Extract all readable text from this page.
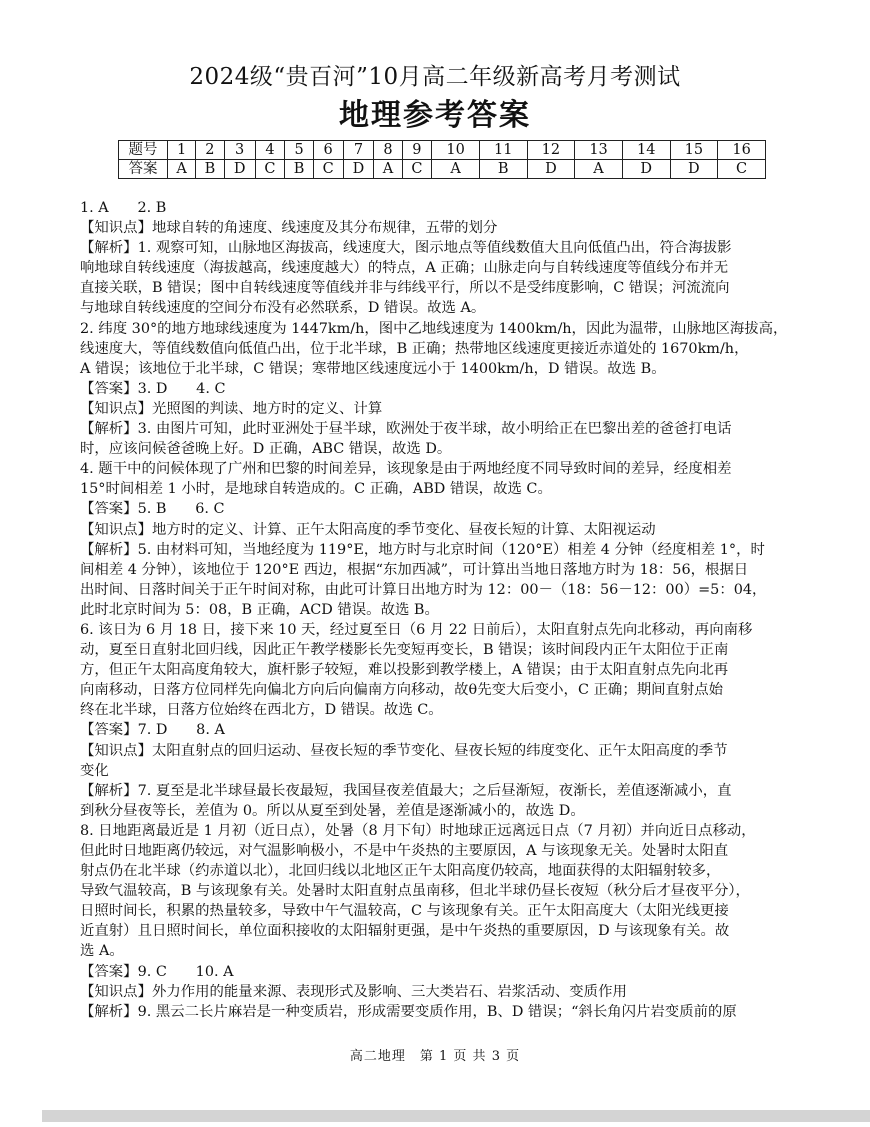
2024级“贵百河”10月高二年级新高考月考测试
地理参考答案
题号	1	2	3	4	5	6	7	8	9	10	11	12	13	14	15	16
答案	A	B	D	C	B	C	D	A	C	A	B	D	A	D	D	C

1. A　　2. B

【知识点】地球自转的角速度、线速度及其分布规律，五带的划分

【解析】1. 观察可知，山脉地区海拔高，线速度大，图示地点等值线数值大且向低值凸出，符合海拔影

响地球自转线速度（海拔越高，线速度越大）的特点，A 正确；山脉走向与自转线速度等值线分布并无

直接关联，B 错误；图中自转线速度等值线并非与纬线平行，所以不是受纬度影响，C 错误；河流流向

与地球自转线速度的空间分布没有必然联系，D 错误。故选 A。

2. 纬度 30°的地方地球线速度为 1447km/h，图中乙地线速度为 1400km/h，因此为温带，山脉地区海拔高，

线速度大，等值线数值向低值凸出，位于北半球，B 正确；热带地区线速度更接近赤道处的 1670km/h，

A 错误；该地位于北半球，C 错误；寒带地区线速度远小于 1400km/h，D 错误。故选 B。

【答案】3. D　　4. C

【知识点】光照图的判读、地方时的定义、计算

【解析】3. 由图片可知，此时亚洲处于昼半球，欧洲处于夜半球，故小明给正在巴黎出差的爸爸打电话

时，应该问候爸爸晚上好。D 正确，ABC 错误，故选 D。

4. 题干中的问候体现了广州和巴黎的时间差异，该现象是由于两地经度不同导致时间的差异，经度相差

15°时间相差 1 小时，是地球自转造成的。C 正确，ABD 错误，故选 C。

【答案】5. B　　6. C

【知识点】地方时的定义、计算、正午太阳高度的季节变化、昼夜长短的计算、太阳视运动

【解析】5. 由材料可知，当地经度为 119°E，地方时与北京时间（120°E）相差 4 分钟（经度相差 1°，时

间相差 4 分钟），该地位于 120°E 西边，根据“东加西减”，可计算出当地日落地方时为 18：56，根据日

出时间、日落时间关于正午时间对称，由此可计算日出地方时为 12：00－（18：56－12：00）=5：04，

此时北京时间为 5：08，B 正确，ACD 错误。故选 B。

6. 该日为 6 月 18 日，接下来 10 天，经过夏至日（6 月 22 日前后），太阳直射点先向北移动，再向南移

动，夏至日直射北回归线，因此正午教学楼影长先变短再变长，B 错误；该时间段内正午太阳位于正南

方，但正午太阳高度角较大，旗杆影子较短，难以投影到教学楼上，A 错误；由于太阳直射点先向北再

向南移动，日落方位同样先向偏北方向后向偏南方向移动，故θ先变大后变小，C 正确；期间直射点始

终在北半球，日落方位始终在西北方，D 错误。故选 C。

【答案】7. D　　8. A

【知识点】太阳直射点的回归运动、昼夜长短的季节变化、昼夜长短的纬度变化、正午太阳高度的季节

变化

【解析】7. 夏至是北半球昼最长夜最短，我国昼夜差值最大；之后昼渐短，夜渐长，差值逐渐减小，直

到秋分昼夜等长，差值为 0。所以从夏至到处暑，差值是逐渐减小的，故选 D。

8. 日地距离最近是 1 月初（近日点），处暑（8 月下旬）时地球正远离远日点（7 月初）并向近日点移动，

但此时日地距离仍较远，对气温影响极小，不是中午炎热的主要原因，A 与该现象无关。处暑时太阳直

射点仍在北半球（约赤道以北），北回归线以北地区正午太阳高度仍较高，地面获得的太阳辐射较多，

导致气温较高，B 与该现象有关。处暑时太阳直射点虽南移，但北半球仍昼长夜短（秋分后才昼夜平分），

日照时间长，积累的热量较多，导致中午气温较高，C 与该现象有关。正午太阳高度大（太阳光线更接

近直射）且日照时间长，单位面积接收的太阳辐射更强，是中午炎热的重要原因，D 与该现象有关。故

选 A。

【答案】9. C　　10. A

【知识点】外力作用的能量来源、表现形式及影响、三大类岩石、岩浆活动、变质作用

【解析】9. 黑云二长片麻岩是一种变质岩，形成需要变质作用，B、D 错误；“斜长角闪片岩变质前的原

高二地理　第 1 页 共 3 页
